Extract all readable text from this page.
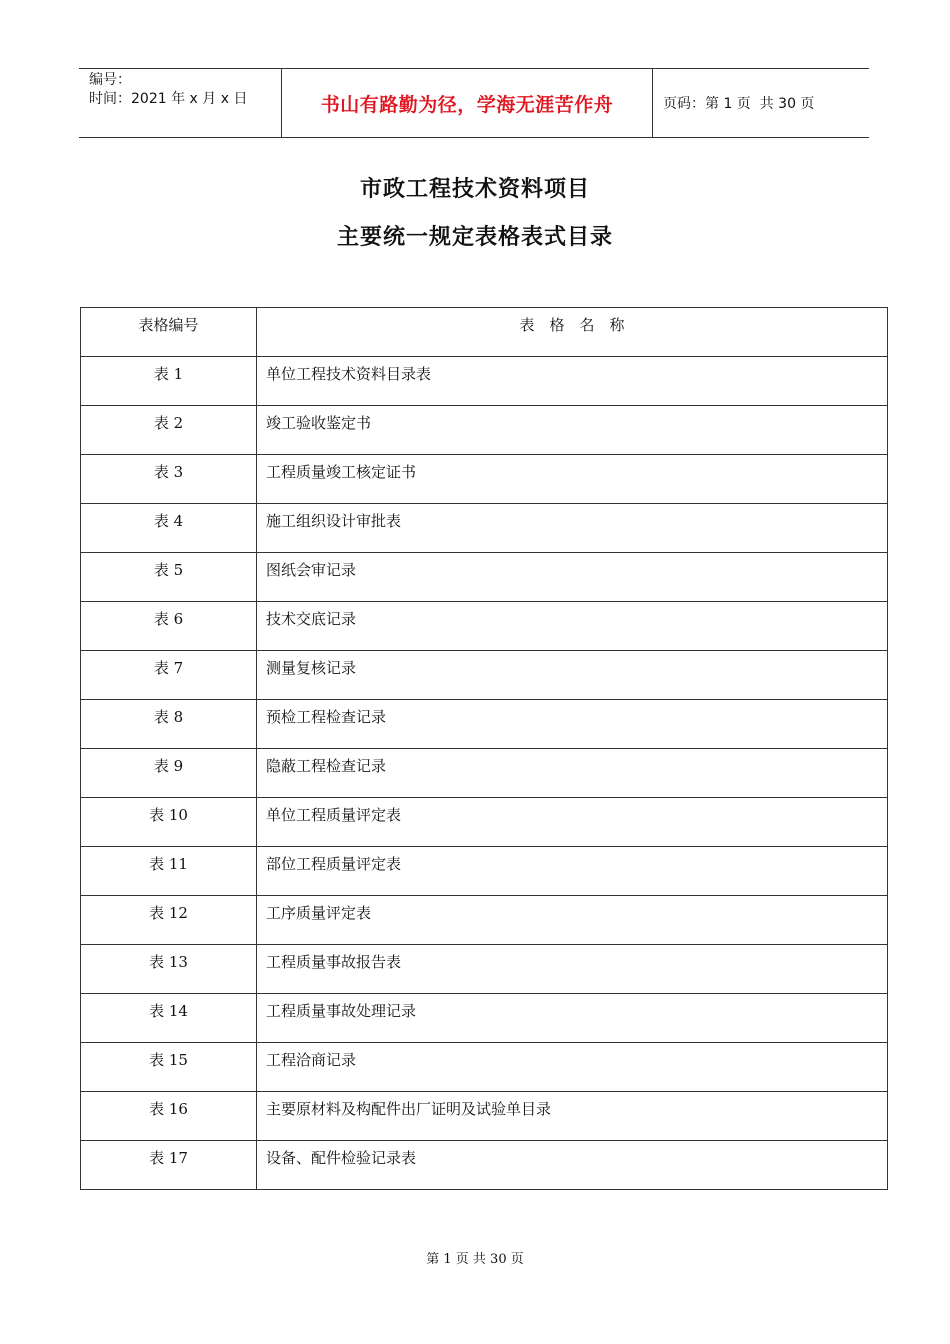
编号：
时间：2021 年 x 月 x 日	书山有路勤为径，学海无涯苦作舟	页码：第 1 页  共 30 页
市政工程技术资料项目
主要统一规定表格表式目录
表格编号	表　格　名　称
表 1	单位工程技术资料目录表
表 2	竣工验收鉴定书
表 3	工程质量竣工核定证书
表 4	施工组织设计审批表
表 5	图纸会审记录
表 6	技术交底记录
表 7	测量复核记录
表 8	预检工程检查记录
表 9	隐蔽工程检查记录
表 10	单位工程质量评定表
表 11	部位工程质量评定表
表 12	工序质量评定表
表 13	工程质量事故报告表
表 14	工程质量事故处理记录
表 15	工程洽商记录
表 16	主要原材料及构配件出厂证明及试验单目录
表 17	设备、配件检验记录表
第 1 页 共 30 页
